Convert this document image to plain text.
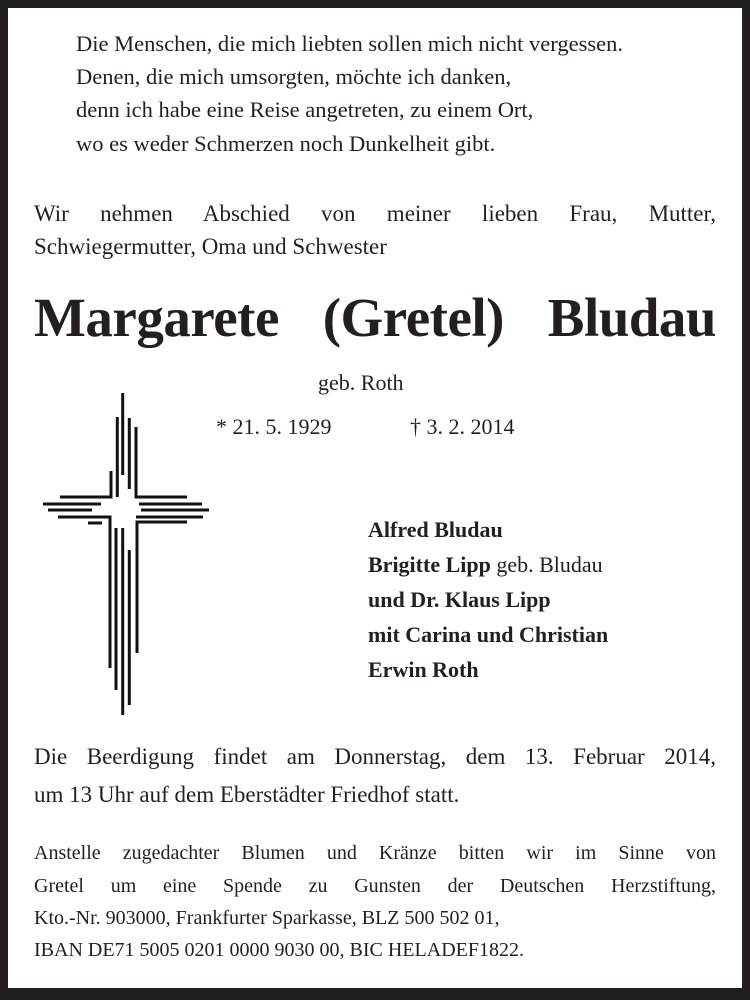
Die Menschen, die mich liebten sollen mich nicht vergessen.
Denen, die mich umsorgten, möchte ich danken,
denn ich habe eine Reise angetreten, zu einem Ort,
wo es weder Schmerzen noch Dunkelheit gibt.
Wir nehmen Abschied von meiner lieben Frau, Mutter,
Schwiegermutter, Oma und Schwester
Margarete (Gretel) Bludau
geb. Roth
* 21. 5. 1929	† 3. 2. 2014
Alfred Bludau
Brigitte Lipp geb. Bludau
und Dr. Klaus Lipp
mit Carina und Christian
Erwin Roth
Die Beerdigung findet am Donnerstag, dem 13. Februar 2014,
um 13 Uhr auf dem Eberstädter Friedhof statt.
Anstelle zugedachter Blumen und Kränze bitten wir im Sinne von
Gretel um eine Spende zu Gunsten der Deutschen Herzstiftung,
Kto.-Nr. 903000, Frankfurter Sparkasse, BLZ 500 502 01,
IBAN DE71 5005 0201 0000 9030 00, BIC HELADEF1822.
